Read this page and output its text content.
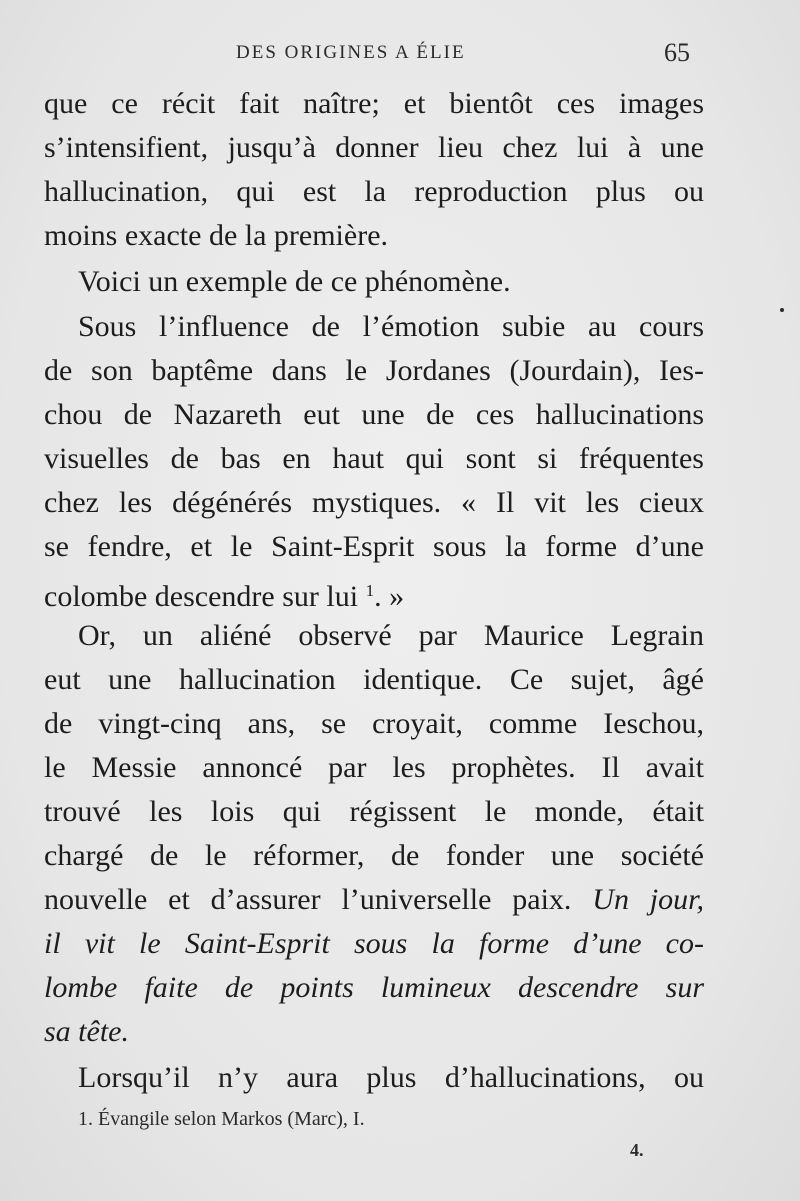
DES ORIGINES A ÉLIE	65
que ce récit fait naître; et bientôt ces images
s’intensifient, jusqu’à donner lieu chez lui à une
hallucination, qui est la reproduction plus ou
moins exacte de la première.
Voici un exemple de ce phénomène.
Sous l’influence de l’émotion subie au cours
de son baptême dans le Jordanes (Jourdain), Ies-
chou de Nazareth eut une de ces hallucinations
visuelles de bas en haut qui sont si fréquentes
chez les dégénérés mystiques. « Il vit les cieux
se fendre, et le Saint-Esprit sous la forme d’une
colombe descendre sur lui $^1$. »
Or, un aliéné observé par Maurice Legrain
eut une hallucination identique. Ce sujet, âgé
de vingt-cinq ans, se croyait, comme Ieschou,
le Messie annoncé par les prophètes. Il avait
trouvé les lois qui régissent le monde, était
chargé de le réformer, de fonder une société
nouvelle et d’assurer l’universelle paix. Un jour,
il vit le Saint-Esprit sous la forme d’une co-
lombe faite de points lumineux descendre sur
sa tête.
Lorsqu’il n’y aura plus d’hallucinations, ou
1. Évangile selon Markos (Marc), I.
4.
